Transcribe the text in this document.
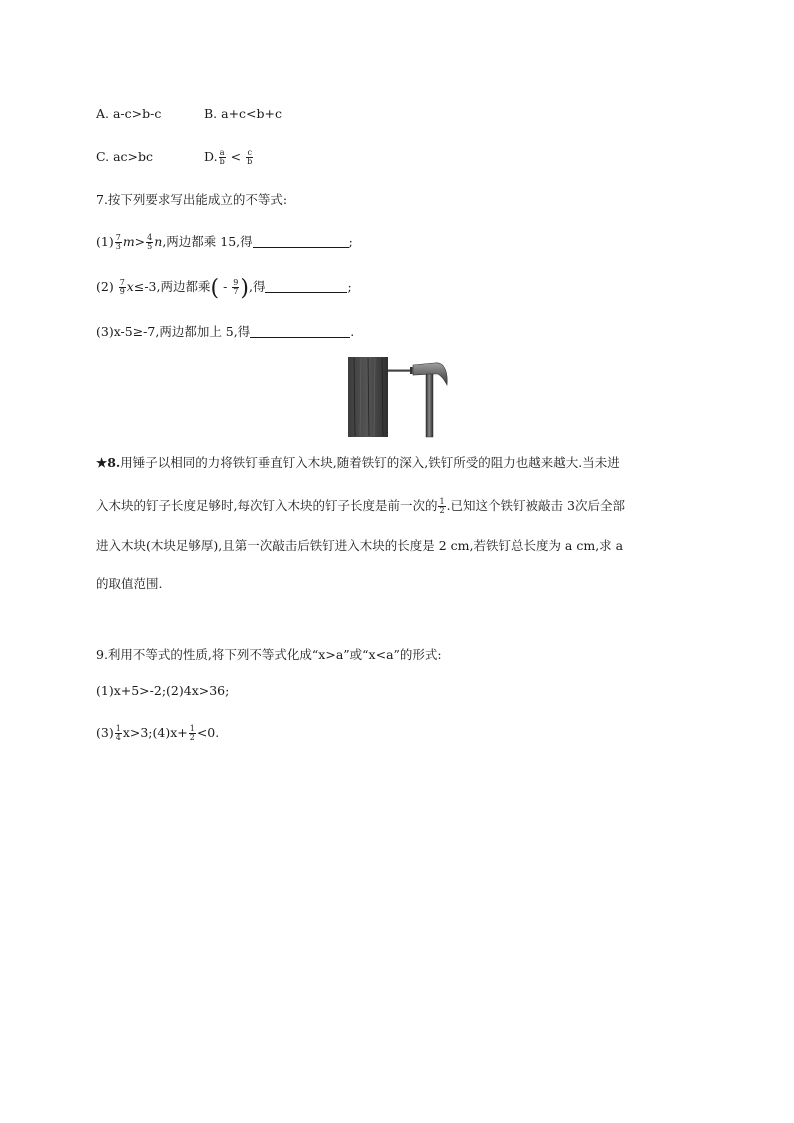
A. a-c>b-c	B. a+c<b+c
C. ac>bc	D. $\frac{a}{b} < \frac{c}{b}$
7.按下列要求写出能成立的不等式:
$(1) \frac{7}{3} m> \frac{4}{5} n$,两边都乘 15,得	;
$(2) \frac{7}{9} x\le-3$,两边都乘( - $\frac{9}{7}$ ),得	;
(3)x-5≥-7,两边都加上 5,得	.
★8.用锤子以相同的力将铁钉垂直钉入木块,随着铁钉的深入,铁钉所受的阻力也越来越大.当未进
入木块的钉子长度足够时,每次钉入木块的钉子长度是前一次的 $\frac{1}{2}$ .已知这个铁钉被敲击 3次后全部
进入木块(木块足够厚),且第一次敲击后铁钉进入木块的长度是 2 cm,若铁钉总长度为 a cm,求 a
的取值范围.
9.利用不等式的性质,将下列不等式化成“x>a”或“x<a”的形式:
(1)x+5>-2;(2)4x>36;
$(3) \frac{1}{4}$ x>3;(4)x+ $\frac{1}{2} <0$.
